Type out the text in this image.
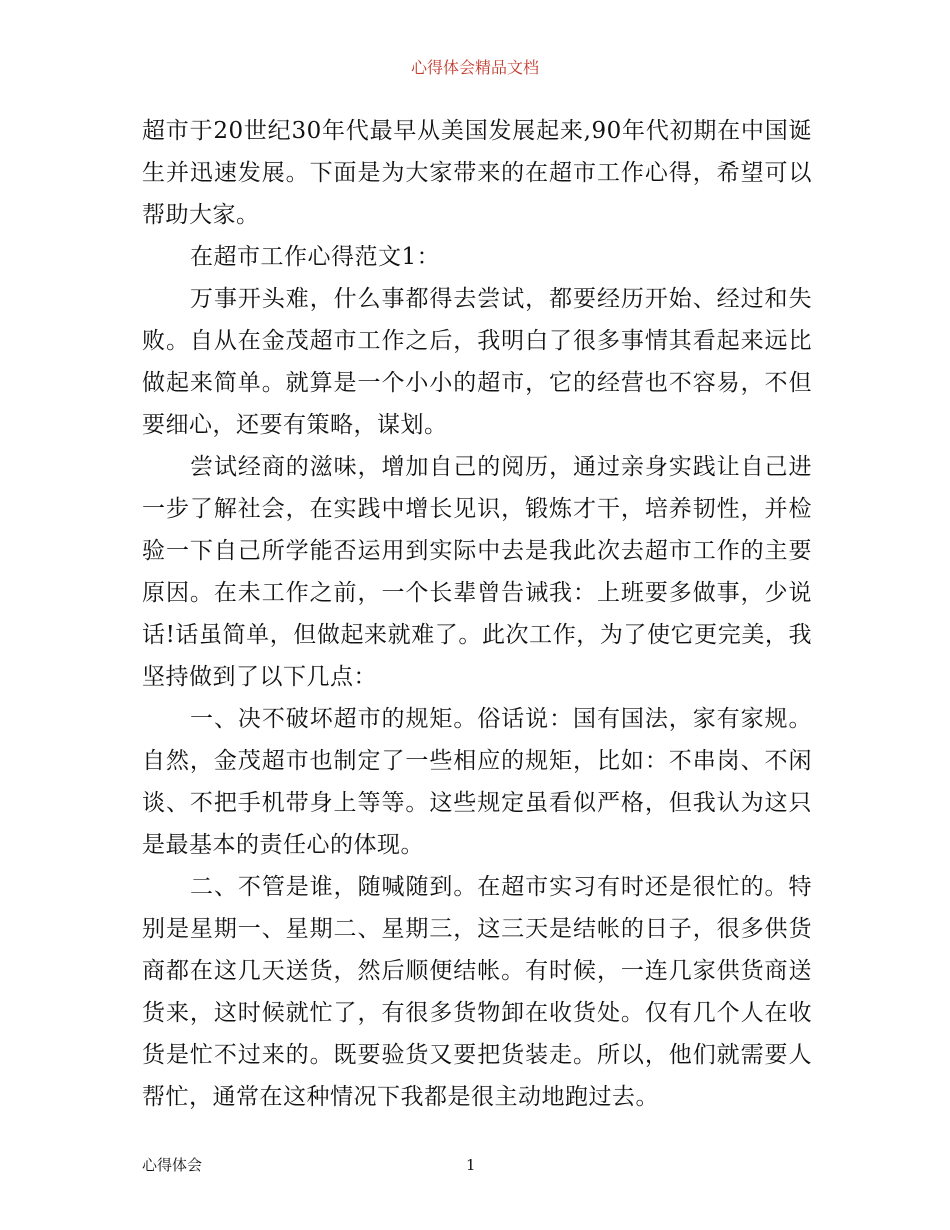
心得体会精品文档

超市于20世纪30年代最早从美国发展起来,90年代初期在中国诞生并迅速发展。下面是为大家带来的在超市工作心得，希望可以帮助大家。

在超市工作心得范文1：

万事开头难，什么事都得去尝试，都要经历开始、经过和失败。自从在金茂超市工作之后，我明白了很多事情其看起来远比做起来简单。就算是一个小小的超市，它的经营也不容易，不但要细心，还要有策略，谋划。

尝试经商的滋味，增加自己的阅历，通过亲身实践让自己进一步了解社会，在实践中增长见识，锻炼才干，培养韧性，并检验一下自己所学能否运用到实际中去是我此次去超市工作的主要原因。在未工作之前，一个长辈曾告诫我：上班要多做事，少说话!话虽简单，但做起来就难了。此次工作，为了使它更完美，我坚持做到了以下几点：

一、决不破坏超市的规矩。俗话说：国有国法，家有家规。自然，金茂超市也制定了一些相应的规矩，比如：不串岗、不闲谈、不把手机带身上等等。这些规定虽看似严格，但我认为这只是最基本的责任心的体现。

二、不管是谁，随喊随到。在超市实习有时还是很忙的。特别是星期一、星期二、星期三，这三天是结帐的日子，很多供货商都在这几天送货，然后顺便结帐。有时候，一连几家供货商送货来，这时候就忙了，有很多货物卸在收货处。仅有几个人在收货是忙不过来的。既要验货又要把货装走。所以，他们就需要人帮忙，通常在这种情况下我都是很主动地跑过去。

心得体会	1
